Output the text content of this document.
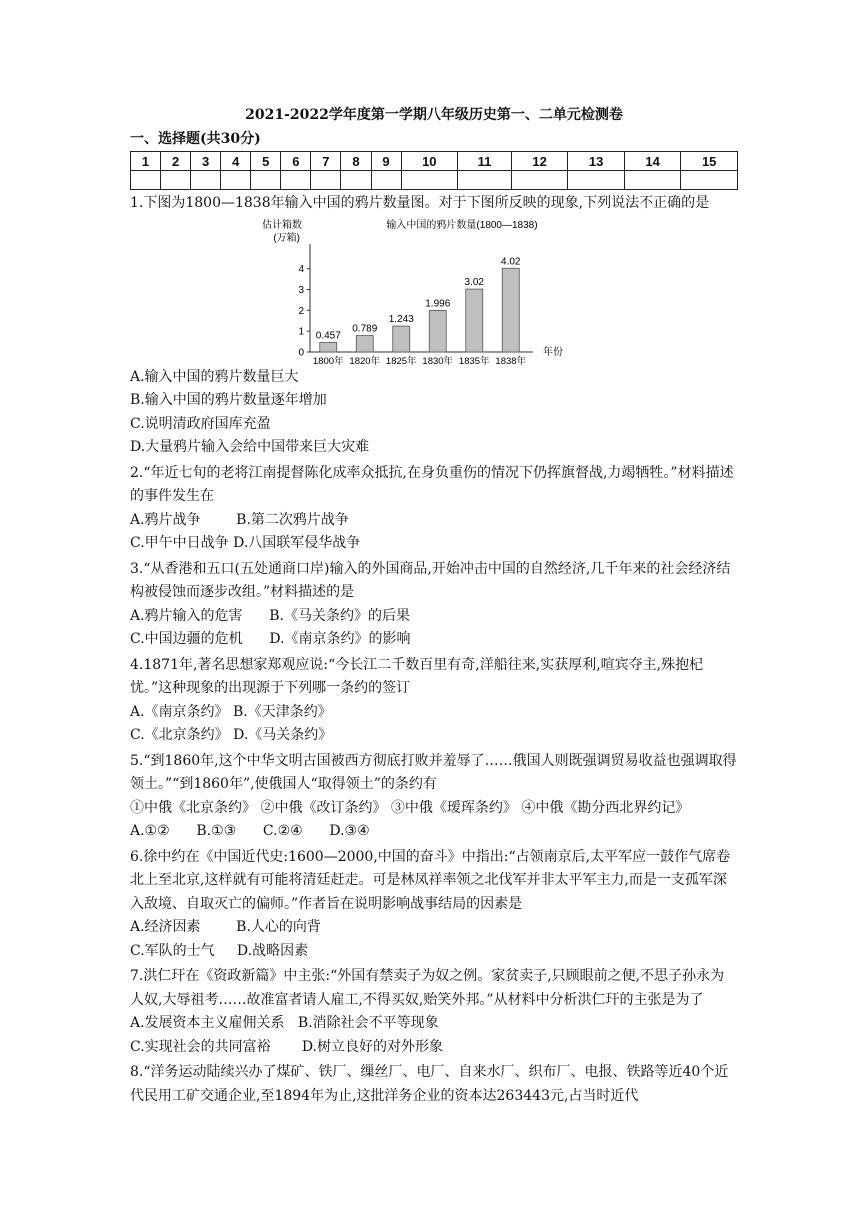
2021-2022学年度第一学期八年级历史第一、二单元检测卷
一、选择题(共30分)
1	2	3	4	5	6	7	8	9	10	11	12	13	14	15

1.下图为1800—1838年输入中国的鸦片数量图。对于下图所反映的现象,下列说法不正确的是
输入中国的鸦片数量(1800—1838)
估计箱数
(万箱)
0
1
2
3
4
0.457
1800年
0.789
1820年
1.243
1825年
1.996
1830年
3.02
1835年
4.02
1838年
年份
A.输入中国的鸦片数量巨大
B.输入中国的鸦片数量逐年增加
C.说明清政府国库充盈
D.大量鸦片输入会给中国带来巨大灾难
2.“年近七旬的老将江南提督陈化成率众抵抗,在身负重伤的情况下仍挥旗督战,力竭牺牲。”材料描述的事件发生在
A.鸦片战争        B.第二次鸦片战争
C.甲午中日战争 D.八国联军侵华战争
3.“从香港和五口(五处通商口岸)输入的外国商品,开始冲击中国的自然经济,几千年来的社会经济结构被侵蚀而逐步改组。”材料描述的是
A.鸦片输入的危害      B.《马关条约》的后果
C.中国边疆的危机      D.《南京条约》的影响
4.1871年,著名思想家郑观应说:“今长江二千数百里有奇,洋船往来,实获厚利,喧宾夺主,殊抱杞忧。”这种现象的出现源于下列哪一条约的签订
A.《南京条约》 B.《天津条约》
C.《北京条约》 D.《马关条约》
5.“到1860年,这个中华文明古国被西方彻底打败并羞辱了……俄国人则既强调贸易收益也强调取得领土。”“到1860年”,使俄国人“取得领土”的条约有
①中俄《北京条约》 ②中俄《改订条约》 ③中俄《瑷珲条约》 ④中俄《勘分西北界约记》
A.①②      B.①③      C.②④      D.③④
6.徐中约在《中国近代史:1600—2000,中国的奋斗》中指出:“占领南京后,太平军应一鼓作气席卷北上至北京,这样就有可能将清廷赶走。可是林凤祥率领之北伐军并非太平军主力,而是一支孤军深入敌境、自取灭亡的偏师。”作者旨在说明影响战事结局的因素是
A.经济因素        B.人心的向背
C.军队的士气     D.战略因素
7.洪仁玕在《资政新篇》中主张:“外国有禁卖子为奴之例。家贫卖子,只顾眼前之便,不思子孙永为人奴,大辱祖考……故准富者请人雇工,不得买奴,贻笑外邦。”从材料中分析洪仁玕的主张是为了
A.发展资本主义雇佣关系   B.消除社会不平等现象
C.实现社会的共同富裕       D.树立良好的对外形象
8.“洋务运动陆续兴办了煤矿、铁厂、缫丝厂、电厂、自来水厂、织布厂、电报、铁路等近40个近代民用工矿交通企业,至1894年为止,这批洋务企业的资本达263443元,占当时近代
